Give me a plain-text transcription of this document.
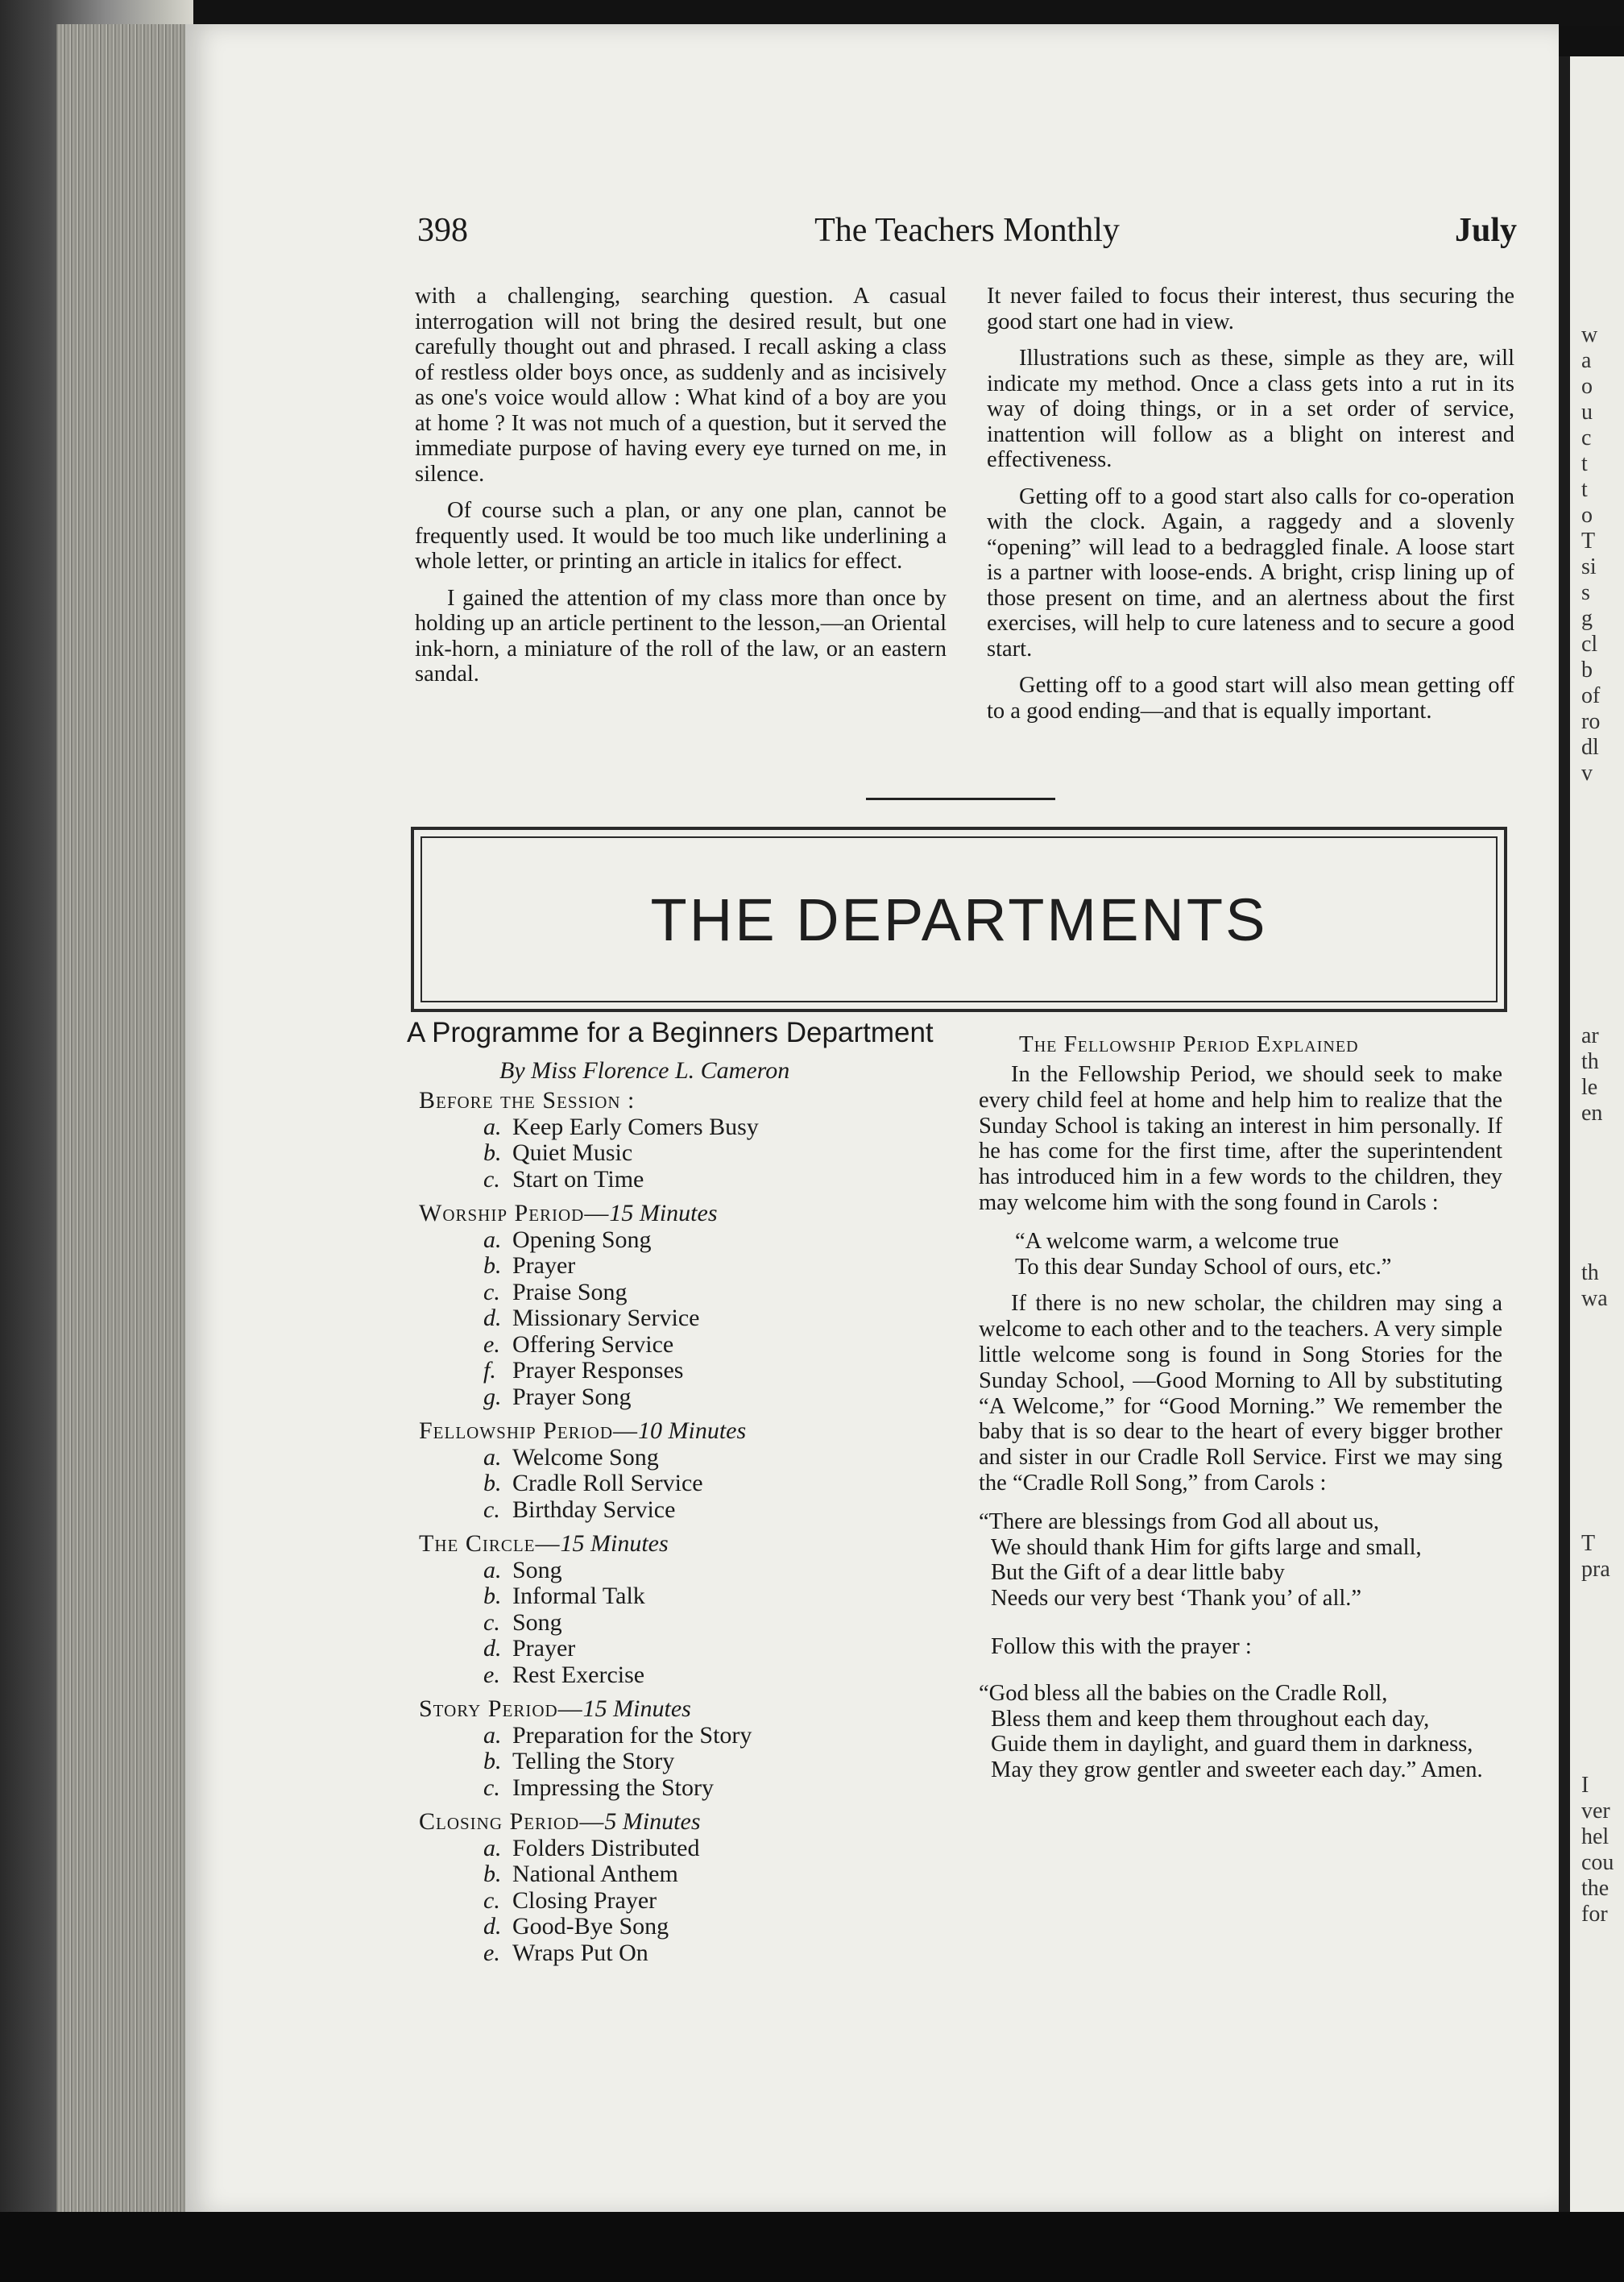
w
a
o
u
c
t
t
o
T
si
s
g
cl
b
of
ro
dl
v
ar
th
le
en
th
wa
T
pra
I
ver
hel
cou
the
for
398	The Teachers Monthly	July

with a challenging, searching question. A casual interrogation will not bring the desired result, but one carefully thought out and phrased. I recall asking a class of restless older boys once, as suddenly and as incisively as one's voice would allow : What kind of a boy are you at home ? It was not much of a question, but it served the immediate purpose of having every eye turned on me, in silence.

Of course such a plan, or any one plan, cannot be frequently used. It would be too much like underlining a whole letter, or printing an article in italics for effect.

I gained the attention of my class more than once by holding up an article pertinent to the lesson,—an Oriental ink-horn, a miniature of the roll of the law, or an eastern sandal.

It never failed to focus their interest, thus securing the good start one had in view.

Illustrations such as these, simple as they are, will indicate my method. Once a class gets into a rut in its way of doing things, or in a set order of service, inattention will follow as a blight on interest and effectiveness.

Getting off to a good start also calls for co-operation with the clock. Again, a raggedy and a slovenly “opening” will lead to a bedraggled finale. A loose start is a partner with loose-ends. A bright, crisp lining up of those present on time, and an alertness about the first exercises, will help to cure lateness and to secure a good start.

Getting off to a good start will also mean getting off to a good ending—and that is equally important.

THE DEPARTMENTS
A Programme for a Beginners Department
By Miss Florence L. Cameron
Before the Session :
a. Keep Early Comers Busy
b. Quiet Music
c. Start on Time
Worship Period—15 Minutes
a. Opening Song
b. Prayer
c. Praise Song
d. Missionary Service
e. Offering Service
f. Prayer Responses
g. Prayer Song
Fellowship Period—10 Minutes
a. Welcome Song
b. Cradle Roll Service
c. Birthday Service
The Circle—15 Minutes
a. Song
b. Informal Talk
c. Song
d. Prayer
e. Rest Exercise
Story Period—15 Minutes
a. Preparation for the Story
b. Telling the Story
c. Impressing the Story
Closing Period—5 Minutes
a. Folders Distributed
b. National Anthem
c. Closing Prayer
d. Good-Bye Song
e. Wraps Put On
The Fellowship Period Explained

In the Fellowship Period, we should seek to make every child feel at home and help him to realize that the Sunday School is taking an interest in him personally. If he has come for the first time, after the superintendent has introduced him in a few words to the children, they may welcome him with the song found in Carols :

“A welcome warm, a welcome true
To this dear Sunday School of ours, etc.”

If there is no new scholar, the children may sing a welcome to each other and to the teachers. A very simple little welcome song is found in Song Stories for the Sunday School, —Good Morning to All by substituting “A Welcome,” for “Good Morning.” We remember the baby that is so dear to the heart of every bigger brother and sister in our Cradle Roll Service. First we may sing the “Cradle Roll Song,” from Carols :

“There are blessings from God all about us,
We should thank Him for gifts large and small,
But the Gift of a dear little baby
Needs our very best ‘Thank you’ of all.”
Follow this with the prayer :
“God bless all the babies on the Cradle Roll,
Bless them and keep them throughout each day,
Guide them in daylight, and guard them in darkness,
May they grow gentler and sweeter each day.” Amen.
